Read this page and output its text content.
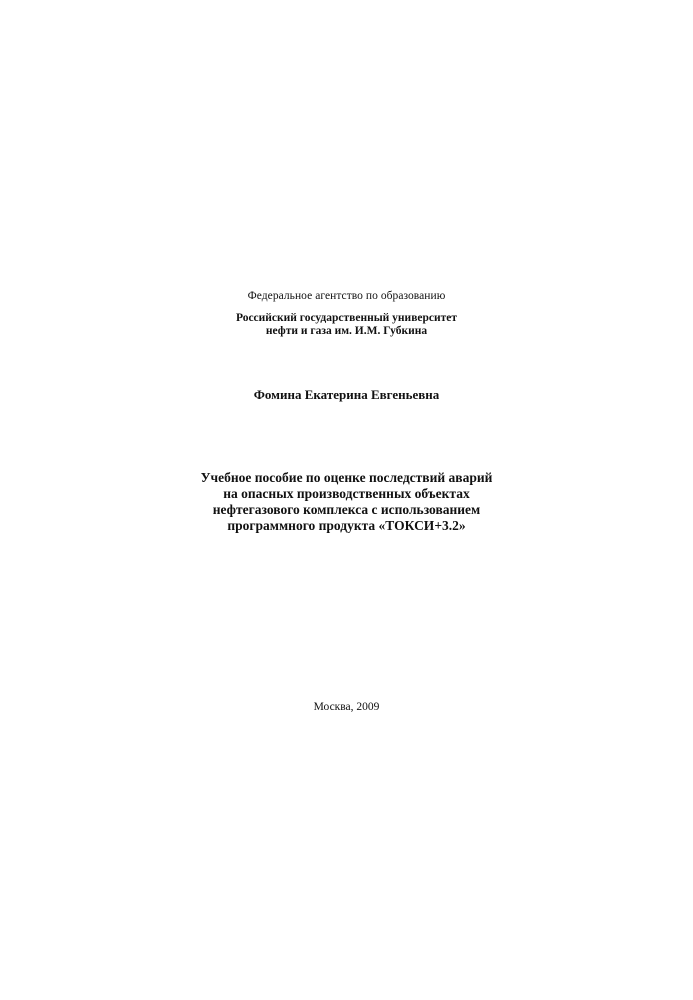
Федеральное агентство по образованию
Российский государственный университет
нефти и газа им. И.М. Губкина
Фомина Екатерина Евгеньевна
Учебное пособие по оценке последствий аварий
на опасных производственных объектах
нефтегазового комплекса с использованием
программного продукта «ТОКСИ+3.2»
Москва, 2009
